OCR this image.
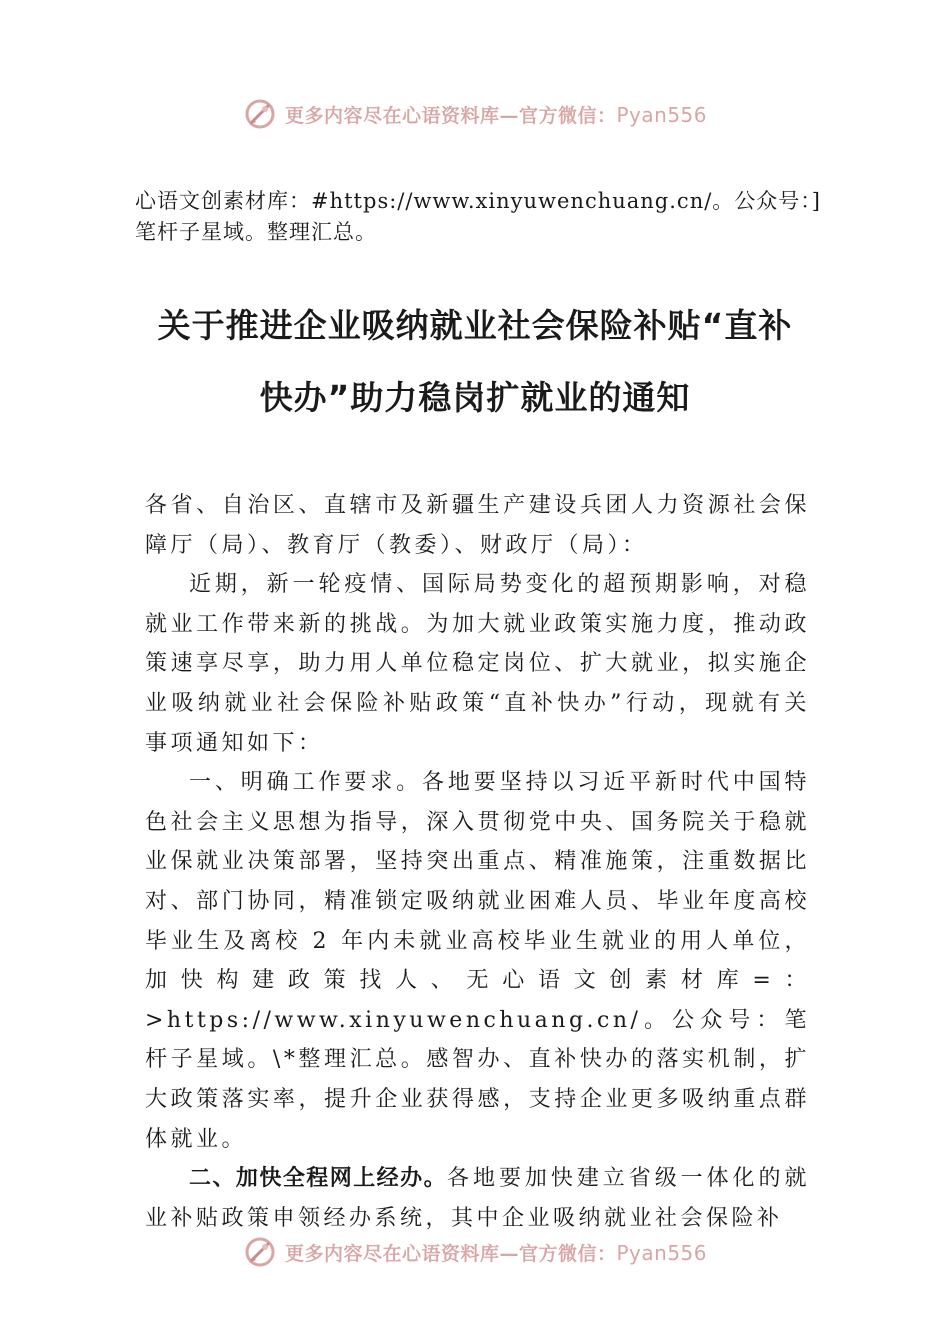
更多内容尽在心语资料库—官方微信：Pyan556
心语文创素材库：#https://www.xinyuwenchuang.cn/。公众号：]笔杆子星域。整理汇总。
关于推进企业吸纳就业社会保险补贴“直补
快办”助力稳岗扩就业的通知

各省、自治区、直辖市及新疆生产建设兵团人力资源社会保障厅（局）、教育厅（教委）、财政厅（局）：

近期，新一轮疫情、国际局势变化的超预期影响，对稳就业工作带来新的挑战。为加大就业政策实施力度，推动政策速享尽享，助力用人单位稳定岗位、扩大就业，拟实施企业吸纳就业社会保险补贴政策“直补快办”行动，现就有关事项通知如下：

一、明确工作要求。各地要坚持以习近平新时代中国特色社会主义思想为指导，深入贯彻党中央、国务院关于稳就业保就业决策部署，坚持突出重点、精准施策，注重数据比对、部门协同，精准锁定吸纳就业困难人员、毕业年度高校毕业生及离校 2 年内未就业高校毕业生就业的用人单位，加快构建政策找人、无心语文创素材库=：>https://www.xinyuwenchuang.cn/。公众号：笔杆子星域。\*整理汇总。感智办、直补快办的落实机制，扩大政策落实率，提升企业获得感，支持企业更多吸纳重点群体就业。

二、加快全程网上经办。各地要加快建立省级一体化的就业补贴政策申领经办系统，其中企业吸纳就业社会保险补

更多内容尽在心语资料库—官方微信：Pyan556
